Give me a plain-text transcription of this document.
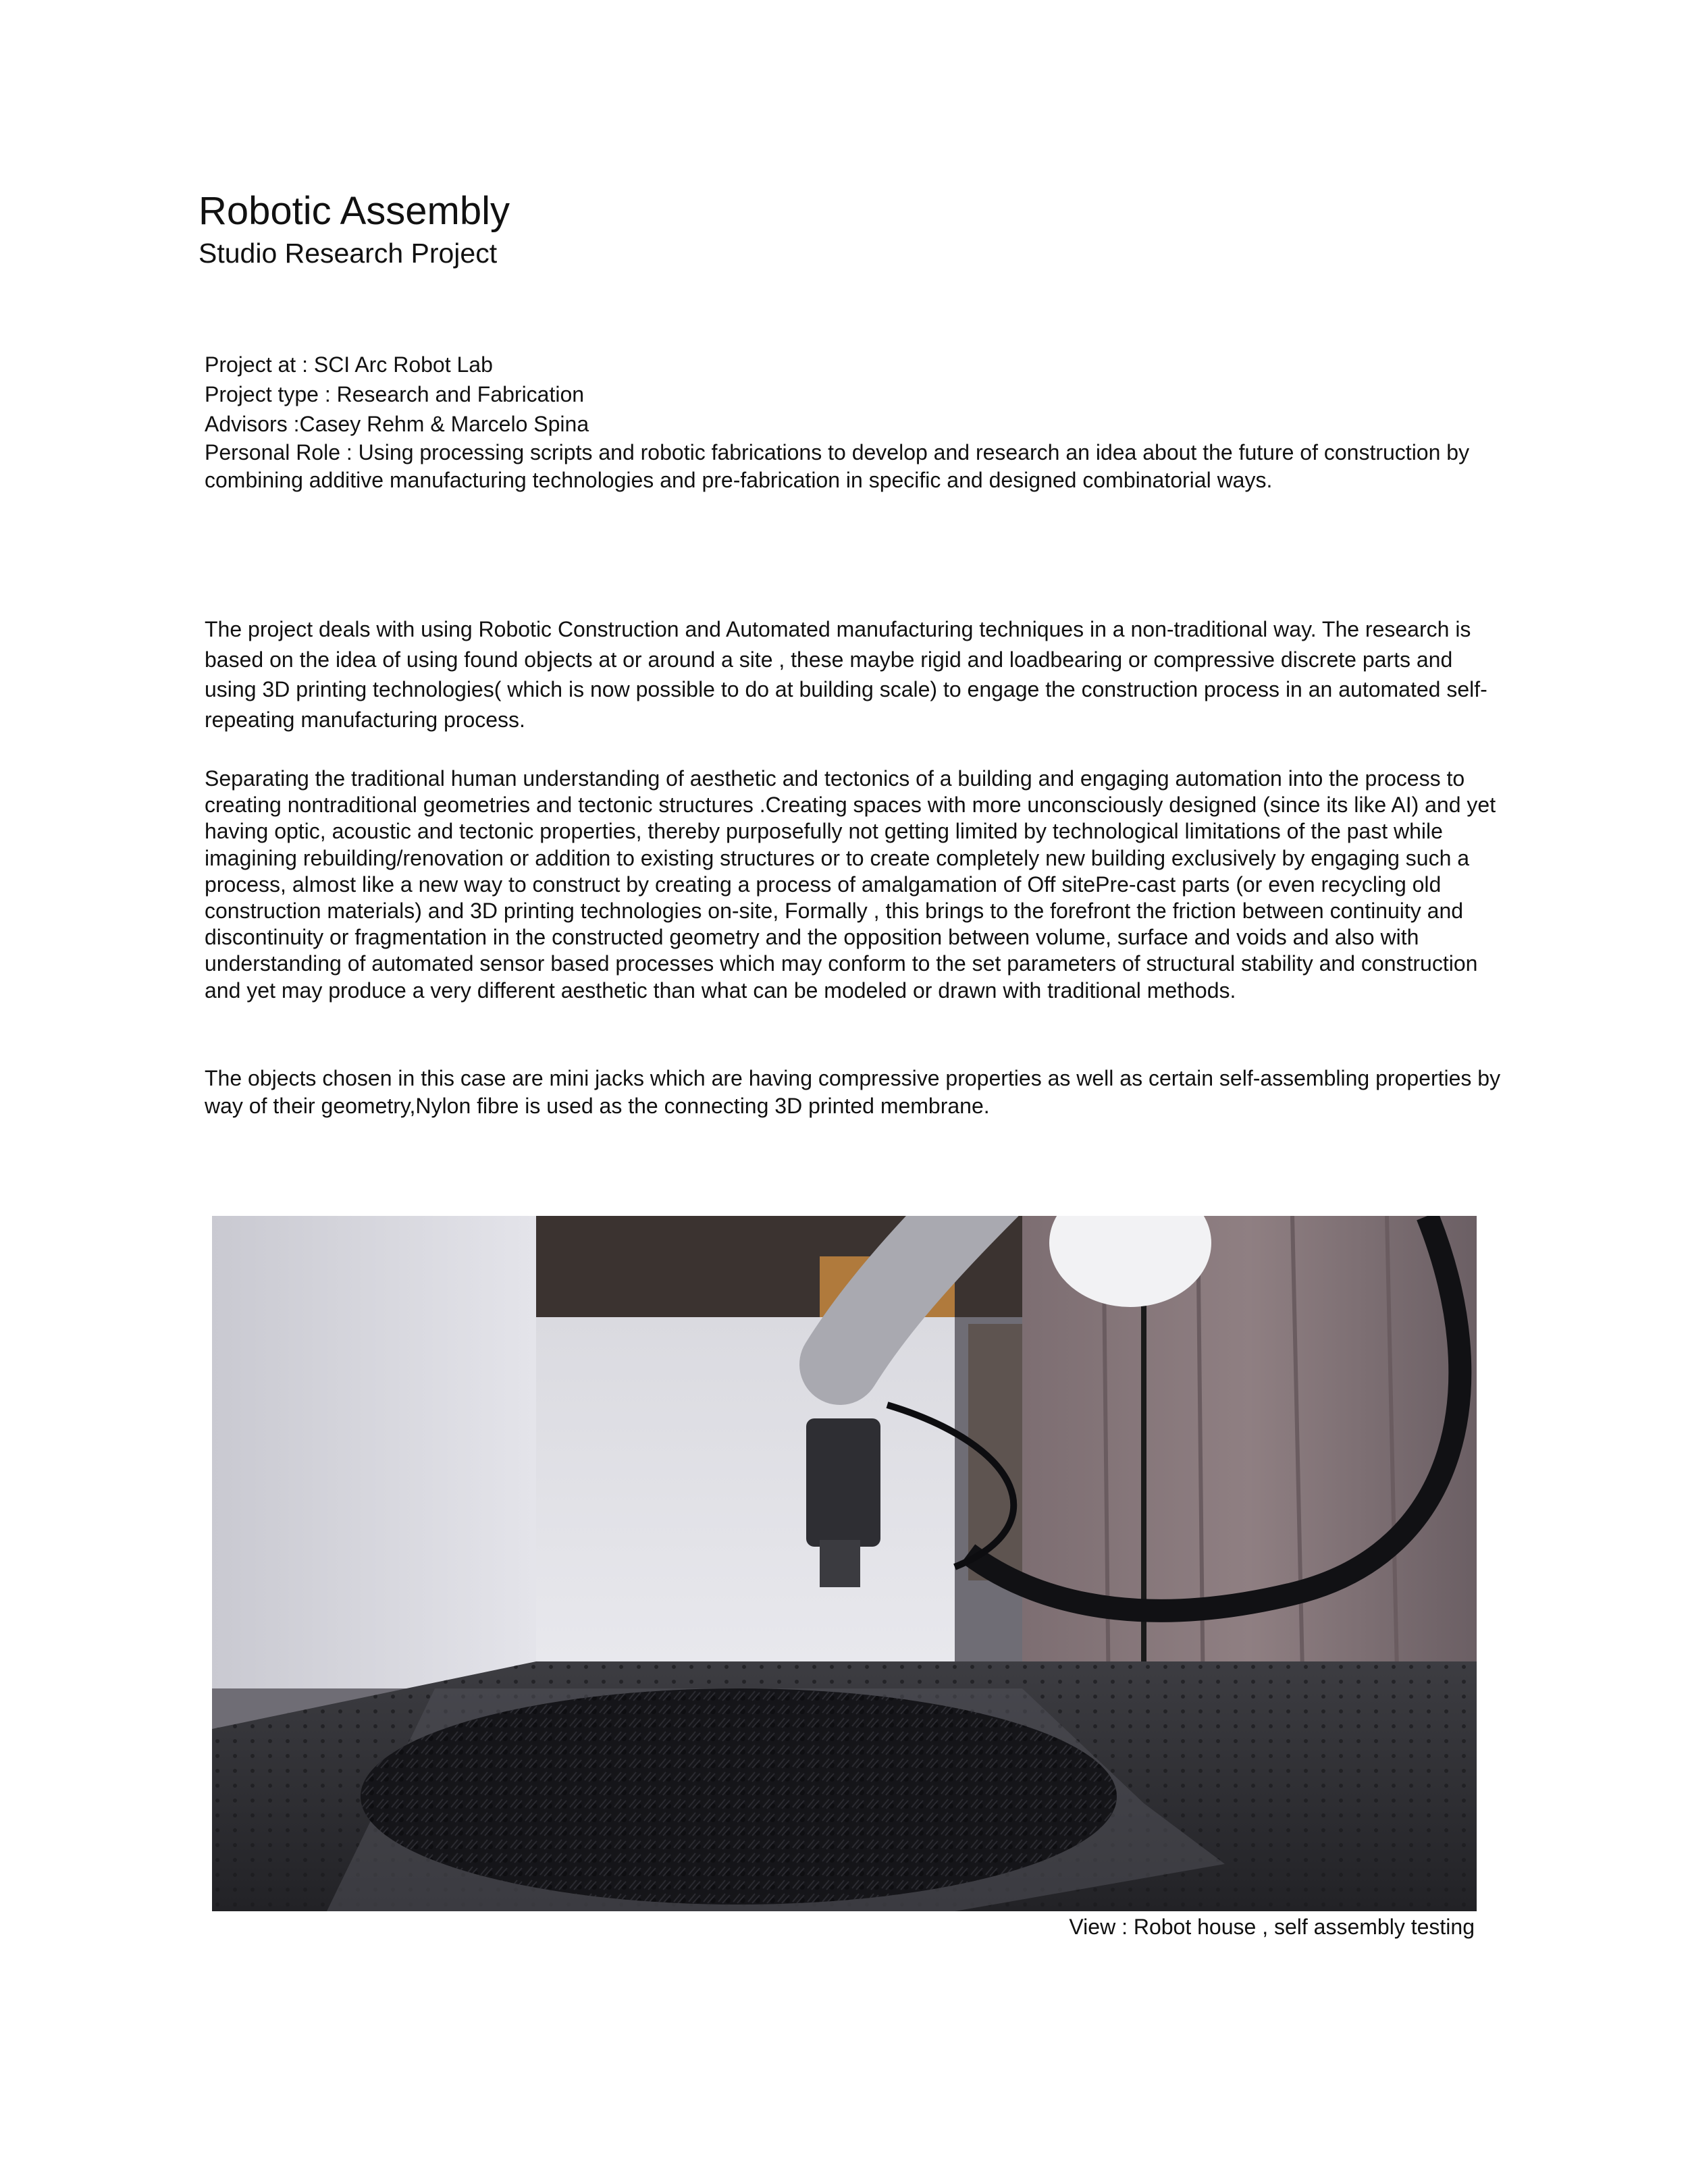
Robotic Assembly
Studio Research Project
Project at : SCI Arc Robot Lab
Project type : Research and Fabrication
Advisors :Casey Rehm & Marcelo Spina
Personal Role : Using processing scripts and robotic fabrications to develop and research an idea about the future of construction by combining additive manufacturing technologies and pre-fabrication in specific and designed combinatorial ways.

The project deals with using Robotic Construction and Automated manufacturing techniques in a non-traditional way. The research is based on the idea of using found objects at or around a site , these maybe rigid and loadbearing or compressive discrete parts and using 3D printing technologies( which is now possible to do at building scale) to engage the construction process in an automated self-repeating manufacturing process.

Separating the traditional human understanding of aesthetic and tectonics of a building and engaging automation into the process to creating nontraditional geometries and tectonic structures .Creating spaces with more unconsciously designed (since its like AI) and yet having optic, acoustic and tectonic properties, thereby purposefully not getting limited by technological limitations of the past while imagining rebuilding/renovation or addition to existing structures or to create completely new building exclusively by engaging such a process, almost like a new way to construct by creating a process of amalgamation of Off sitePre-cast parts (or even recycling old construction materials) and 3D printing technologies on-site, Formally , this brings to the forefront the friction between continuity and discontinuity or fragmentation in the constructed geometry and the opposition between volume, surface and voids and also with understanding of automated sensor based processes which may conform to the set parameters of structural stability and construction and yet may produce a very different aesthetic than what can be modeled or drawn with traditional methods.

The objects chosen in this case are mini jacks which are having compressive properties as well as certain self-assembling properties by way of their geometry,Nylon fibre is used as the connecting 3D printed membrane.

View : Robot house , self assembly testing
